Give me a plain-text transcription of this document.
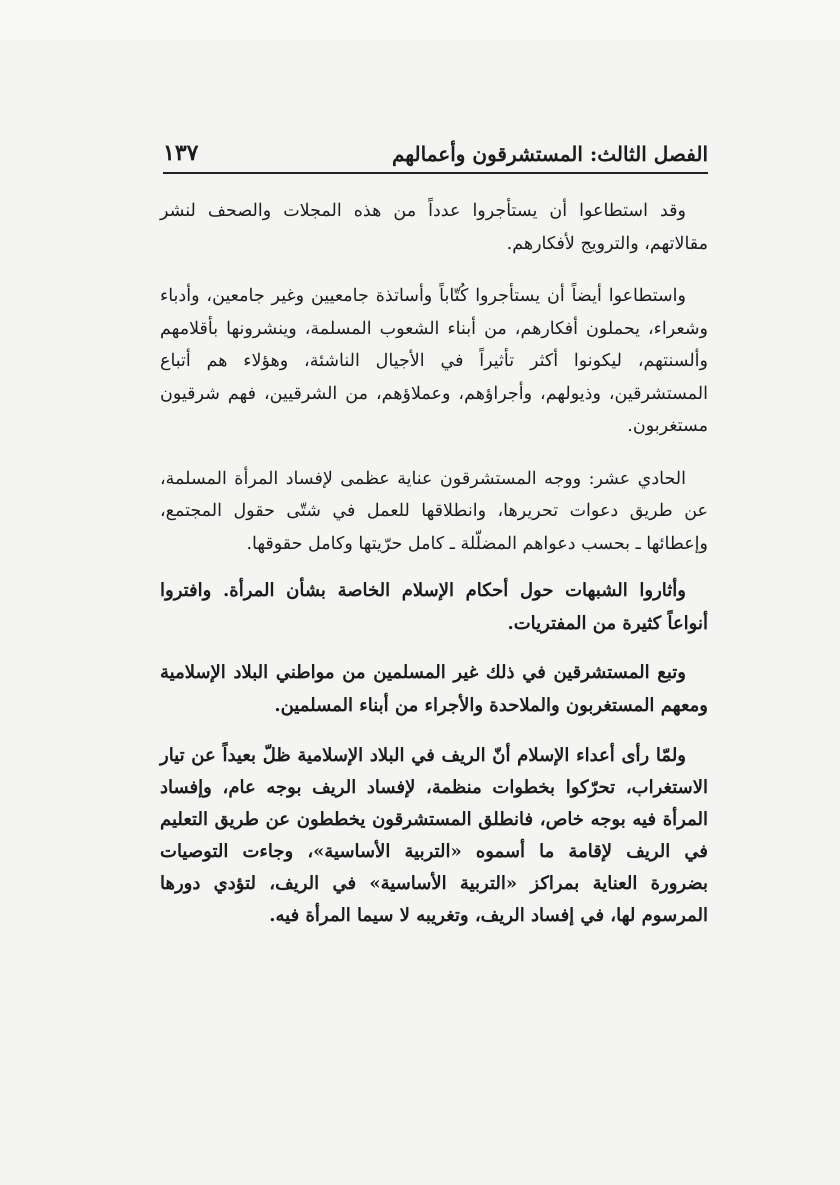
الفصل الثالث: المستشرقون وأعمالهم
١٣٧

وقد استطاعوا أن يستأجروا عدداً من هذه المجلات والصحف لنشر مقالاتهم، والترويج لأفكارهم.

واستطاعوا أيضاً أن يستأجروا كُتّاباً وأساتذة جامعيين وغير جامعين، وأدباء وشعراء، يحملون أفكارهم، من أبناء الشعوب المسلمة، وينشرونها بأقلامهم وألسنتهم، ليكونوا أكثر تأثيراً في الأجيال الناشئة، وهؤلاء هم أتباع المستشرقين، وذيولهم، وأجراؤهم، وعملاؤهم، من الشرقيين، فهم شرقيون مستغربون.

الحادي عشر: ووجه المستشرقون عناية عظمى لإفساد المرأة المسلمة، عن طريق دعوات تحريرها، وانطلاقها للعمل في شتّى حقول المجتمع، وإعطائها ـ بحسب دعواهم المضلّلة ـ كامل حرّيتها وكامل حقوقها.

وأثاروا الشبهات حول أحكام الإسلام الخاصة بشأن المرأة. وافتروا أنواعاً كثيرة من المفتريات.

وتبع المستشرقين في ذلك غير المسلمين من مواطني البلاد الإسلامية ومعهم المستغربون والملاحدة والأجراء من أبناء المسلمين.

ولمّا رأى أعداء الإسلام أنّ الريف في البلاد الإسلامية ظلّ بعيداً عن تيار الاستغراب، تحرّكوا بخطوات منظمة، لإفساد الريف بوجه عام، وإفساد المرأة فيه بوجه خاص، فانطلق المستشرقون يخططون عن طريق التعليم في الريف لإقامة ما أسموه «التربية الأساسية»، وجاءت التوصيات بضرورة العناية بمراكز «التربية الأساسية» في الريف، لتؤدي دورها المرسوم لها، في إفساد الريف، وتغريبه لا سيما المرأة فيه.
